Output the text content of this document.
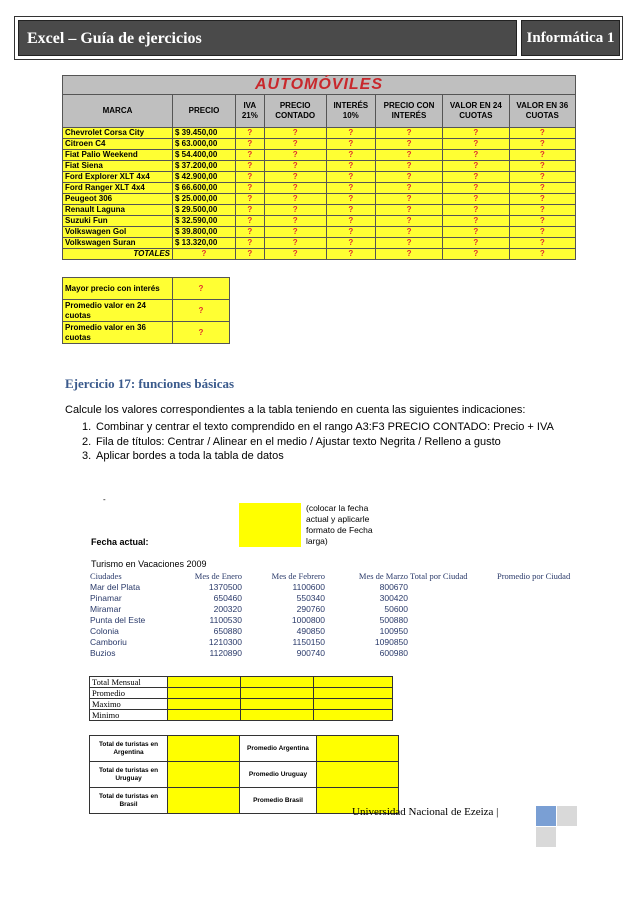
Excel – Guía de ejercicios	Informática 1
AUTOMÓVILES							
MARCA	PRECIO	IVA 21%	PRECIO CONTADO	INTERÉS 10%	PRECIO CON INTERÉS	VALOR EN 24 CUOTAS	VALOR EN 36 CUOTAS
Chevrolet Corsa City	$ 39.450,00	?	?	?	?	?	?
Citroen C4	$ 63.000,00	?	?	?	?	?	?
Fiat Palio Weekend	$ 54.400,00	?	?	?	?	?	?
Fiat Siena	$ 37.200,00	?	?	?	?	?	?
Ford Explorer XLT 4x4	$ 42.900,00	?	?	?	?	?	?
Ford Ranger XLT 4x4	$ 66.600,00	?	?	?	?	?	?
Peugeot 306	$ 25.000,00	?	?	?	?	?	?
Renault Laguna	$ 29.500,00	?	?	?	?	?	?
Suzuki Fun	$ 32.590,00	?	?	?	?	?	?
Volkswagen Gol	$ 39.800,00	?	?	?	?	?	?
Volkswagen Suran	$ 13.320,00	?	?	?	?	?	?
TOTALES	?	?	?	?	?	?	?
Mayor precio con interés	?
Promedio valor en 24 cuotas	?
Promedio valor en 36 cuotas	?
Ejercicio 17: funciones básicas
Calcule los valores correspondientes a la tabla teniendo en cuenta las siguientes indicaciones:
1. Combinar y centrar el texto comprendido en el rango A3:F3 PRECIO CONTADO: Precio + IVA
2. Fila de títulos: Centrar / Alinear en el medio / Ajustar texto Negrita / Relleno a gusto
3. Aplicar bordes a toda la tabla de datos
-
Fecha actual:
(colocar la fecha actual y aplicarle formato de Fecha larga)
Turismo en Vacaciones 2009
Ciudades	Mes de Enero	Mes de Febrero	Mes de Marzo	Total por Ciudad	Promedio por Ciudad
Mar del Plata	1370500	1100600	800670		
Pinamar	650460	550340	300420		
Miramar	200320	290760	50600		
Punta del Este	1100530	1000800	500880		
Colonia	650880	490850	100950		
Camboriu	1210300	1150150	1090850		
Buzios	1120890	900740	600980		
Total Mensual			
Promedio			
Maximo			
Minimo			
Total de turistas en Argentina		Promedio Argentina	
Total de turistas en Uruguay		Promedio Uruguay	
Total de turistas en Brasil		Promedio Brasil	
Universidad Nacional de Ezeiza |
